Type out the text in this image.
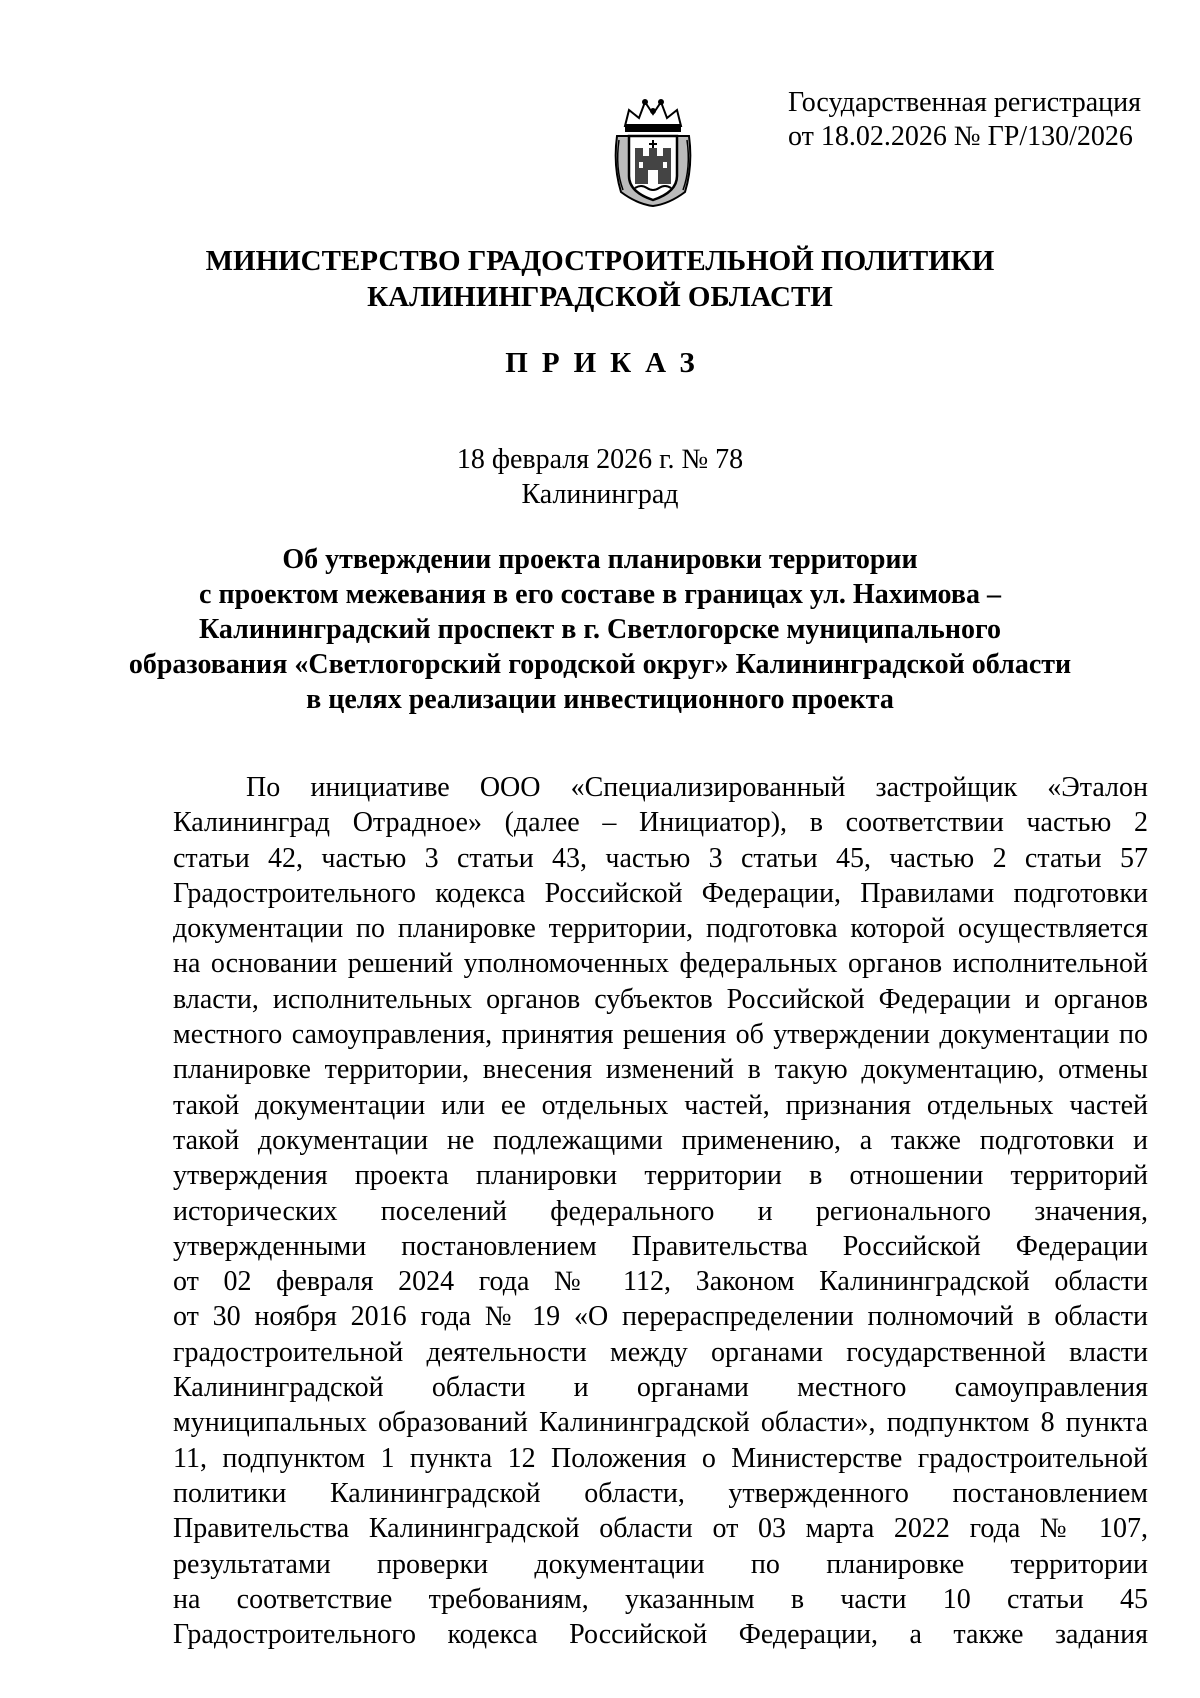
Государственная регистрация
от 18.02.2026 № ГР/130/2026
МИНИСТЕРСТВО ГРАДОСТРОИТЕЛЬНОЙ ПОЛИТИКИ
КАЛИНИНГРАДСКОЙ ОБЛАСТИ
ПРИКАЗ
18 февраля 2026 г. № 78
Калининград
Об утверждении проекта планировки территории
с проектом межевания в его составе в границах ул. Нахимова –
Калининградский проспект в г. Светлогорске муниципального
образования «Светлогорский городской округ» Калининградской области
в целях реализации инвестиционного проекта
По инициативе ООО «Специализированный застройщик «Эталон
Калининград Отрадное» (далее – Инициатор), в соответствии частью 2
статьи 42, частью 3 статьи 43, частью 3 статьи 45, частью 2 статьи 57
Градостроительного кодекса Российской Федерации, Правилами подготовки
документации по планировке территории, подготовка которой осуществляется
на основании решений уполномоченных федеральных органов исполнительной
власти, исполнительных органов субъектов Российской Федерации и органов
местного самоуправления, принятия решения об утверждении документации по
планировке территории, внесения изменений в такую документацию, отмены
такой документации или ее отдельных частей, признания отдельных частей
такой документации не подлежащими применению, а также подготовки и
утверждения проекта планировки территории в отношении территорий
исторических поселений федерального и регионального значения,
утвержденными постановлением Правительства Российской Федерации
от 02 февраля 2024 года № 112, Законом Калининградской области
от 30 ноября 2016 года № 19 «О перераспределении полномочий в области
градостроительной деятельности между органами государственной власти
Калининградской области и органами местного самоуправления
муниципальных образований Калининградской области», подпунктом 8 пункта
11, подпунктом 1 пункта 12 Положения о Министерстве градостроительной
политики Калининградской области, утвержденного постановлением
Правительства Калининградской области от 03 марта 2022 года № 107,
результатами проверки документации по планировке территории
на соответствие требованиям, указанным в части 10 статьи 45
Градостроительного кодекса Российской Федерации, а также задания
